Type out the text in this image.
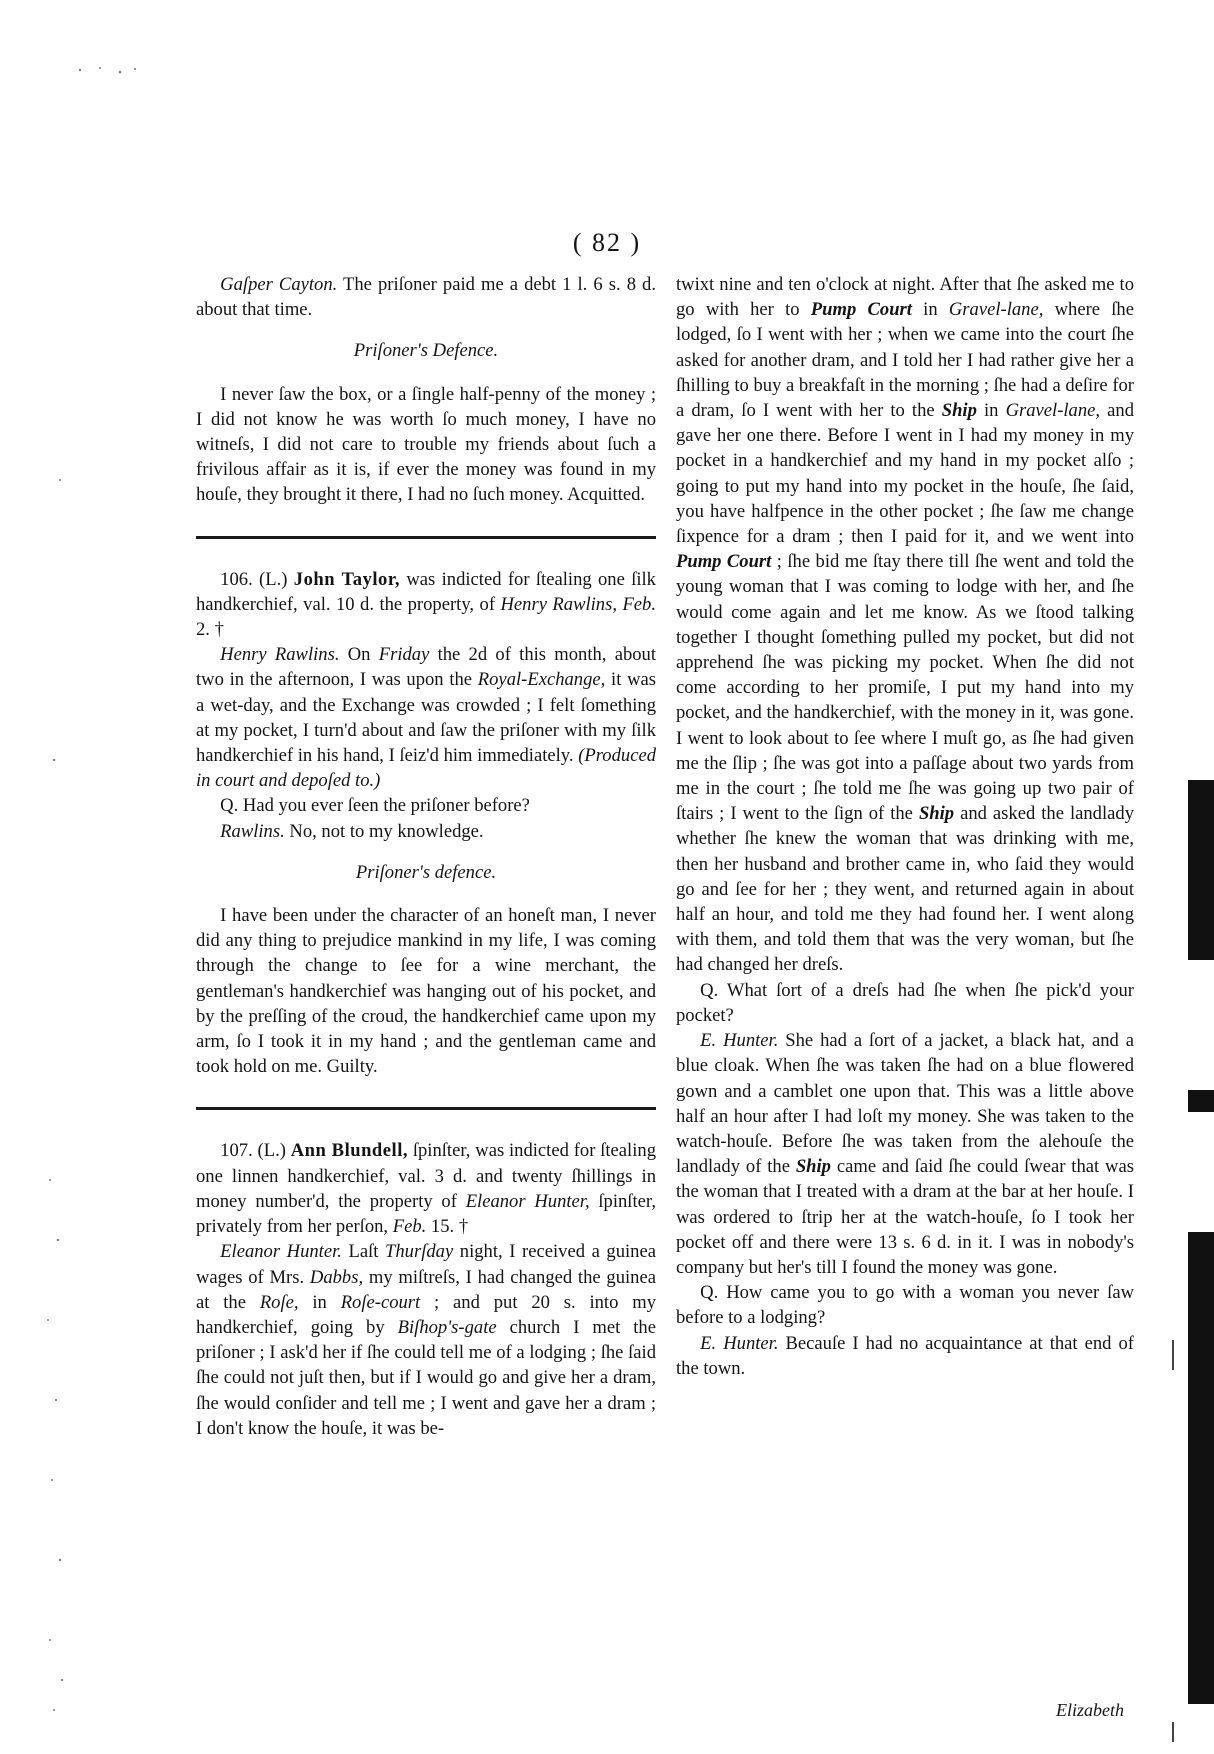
( 82 )

Gaſper Cayton. The priſoner paid me a debt 1 l. 6 s. 8 d. about that time.

Priſoner's Defence.

I never ſaw the box, or a ſingle half-penny of the money ; I did not know he was worth ſo much money, I have no witneſs, I did not care to trouble my friends about ſuch a frivilous affair as it is, if ever the money was found in my houſe, they brought it there, I had no ſuch money. Acquitted.

106. (L.) John Taylor, was indicted for ſtealing one ſilk handkerchief, val. 10 d. the property, of Henry Rawlins, Feb. 2. †

Henry Rawlins. On Friday the 2d of this month, about two in the afternoon, I was upon the Royal-Exchange, it was a wet-day, and the Exchange was crowded ; I felt ſomething at my pocket, I turn'd about and ſaw the priſoner with my ſilk handkerchief in his hand, I ſeiz'd him immediately. (Produced in court and depoſed to.)

Q. Had you ever ſeen the priſoner before?

Rawlins. No, not to my knowledge.

Priſoner's defence.

I have been under the character of an honeſt man, I never did any thing to prejudice mankind in my life, I was coming through the change to ſee for a wine merchant, the gentleman's handkerchief was hanging out of his pocket, and by the preſſing of the croud, the handkerchief came upon my arm, ſo I took it in my hand ; and the gentleman came and took hold on me. Guilty.

107. (L.) Ann Blundell, ſpinſter, was indicted for ſtealing one linnen handkerchief, val. 3 d. and twenty ſhillings in money number'd, the property of Eleanor Hunter, ſpinſter, privately from her perſon, Feb. 15. †

Eleanor Hunter. Laſt Thurſday night, I received a guinea wages of Mrs. Dabbs, my miſtreſs, I had changed the guinea at the Roſe, in Roſe-court ; and put 20 s. into my handkerchief, going by Biſhop's-gate church I met the priſoner ; I ask'd her if ſhe could tell me of a lodging ; ſhe ſaid ſhe could not juſt then, but if I would go and give her a dram, ſhe would conſider and tell me ; I went and gave her a dram ; I don't know the houſe, it was be-

twixt nine and ten o'clock at night. After that ſhe asked me to go with her to Pump Court in Gravel-lane, where ſhe lodged, ſo I went with her ; when we came into the court ſhe asked for another dram, and I told her I had rather give her a ſhilling to buy a breakfaſt in the morning ; ſhe had a deſire for a dram, ſo I went with her to the Ship in Gravel-lane, and gave her one there. Before I went in I had my money in my pocket in a handkerchief and my hand in my pocket alſo ; going to put my hand into my pocket in the houſe, ſhe ſaid, you have halfpence in the other pocket ; ſhe ſaw me change ſixpence for a dram ; then I paid for it, and we went into Pump Court ; ſhe bid me ſtay there till ſhe went and told the young woman that I was coming to lodge with her, and ſhe would come again and let me know. As we ſtood talking together I thought ſomething pulled my pocket, but did not apprehend ſhe was picking my pocket. When ſhe did not come according to her promiſe, I put my hand into my pocket, and the handkerchief, with the money in it, was gone. I went to look about to ſee where I muſt go, as ſhe had given me the ſlip ; ſhe was got into a paſſage about two yards from me in the court ; ſhe told me ſhe was going up two pair of ſtairs ; I went to the ſign of the Ship and asked the landlady whether ſhe knew the woman that was drinking with me, then her husband and brother came in, who ſaid they would go and ſee for her ; they went, and returned again in about half an hour, and told me they had found her. I went along with them, and told them that was the very woman, but ſhe had changed her dreſs.

Q. What ſort of a dreſs had ſhe when ſhe pick'd your pocket?

E. Hunter. She had a ſort of a jacket, a black hat, and a blue cloak. When ſhe was taken ſhe had on a blue flowered gown and a camblet one upon that. This was a little above half an hour after I had loſt my money. She was taken to the watch-houſe. Before ſhe was taken from the alehouſe the landlady of the Ship came and ſaid ſhe could ſwear that was the woman that I treated with a dram at the bar at her houſe. I was ordered to ſtrip her at the watch-houſe, ſo I took her pocket off and there were 13 s. 6 d. in it. I was in nobody's company but her's till I found the money was gone.

Q. How came you to go with a woman you never ſaw before to a lodging?

E. Hunter. Becauſe I had no acquaintance at that end of the town.

Elizabeth
